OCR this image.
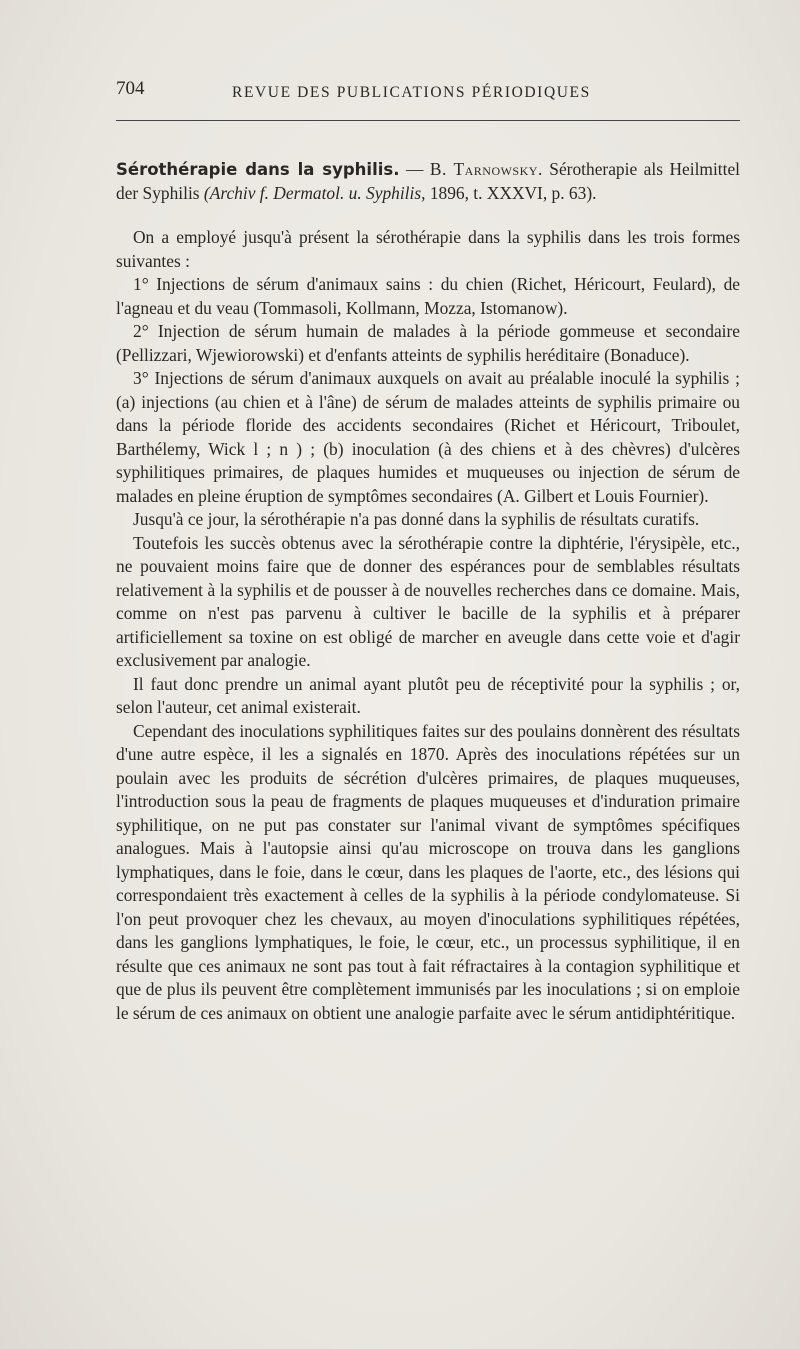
704	REVUE DES PUBLICATIONS PÉRIODIQUES

Sérothérapie dans la syphilis. — B. Tarnowsky. Sérotherapie als Heilmittel der Syphilis (Archiv f. Dermatol. u. Syphilis, 1896, t. XXXVI, p. 63).

On a employé jusqu'à présent la sérothérapie dans la syphilis dans les trois formes suivantes :

1° Injections de sérum d'animaux sains : du chien (Richet, Héricourt, Feulard), de l'agneau et du veau (Tommasoli, Kollmann, Mozza, Istomanow).

2° Injection de sérum humain de malades à la période gommeuse et secondaire (Pellizzari, Wjewiorowski) et d'enfants atteints de syphilis heréditaire (Bonaduce).

3° Injections de sérum d'animaux auxquels on avait au préalable inoculé la syphilis ; (a) injections (au chien et à l'âne) de sérum de malades atteints de syphilis primaire ou dans la période floride des accidents secondaires (Richet et Héricourt, Triboulet, Barthélemy, Wick l ; n ) ; (b) inoculation (à des chiens et à des chèvres) d'ulcères syphilitiques primaires, de plaques humides et muqueuses ou injection de sérum de malades en pleine éruption de symptômes secondaires (A. Gilbert et Louis Fournier).

Jusqu'à ce jour, la sérothérapie n'a pas donné dans la syphilis de résultats curatifs.

Toutefois les succès obtenus avec la sérothérapie contre la diphtérie, l'érysipèle, etc., ne pouvaient moins faire que de donner des espérances pour de semblables résultats relativement à la syphilis et de pousser à de nouvelles recherches dans ce domaine. Mais, comme on n'est pas parvenu à cultiver le bacille de la syphilis et à préparer artificiellement sa toxine on est obligé de marcher en aveugle dans cette voie et d'agir exclusivement par analogie.

Il faut donc prendre un animal ayant plutôt peu de réceptivité pour la syphilis ; or, selon l'auteur, cet animal existerait.

Cependant des inoculations syphilitiques faites sur des poulains donnèrent des résultats d'une autre espèce, il les a signalés en 1870. Après des inoculations répétées sur un poulain avec les produits de sécrétion d'ulcères primaires, de plaques muqueuses, l'introduction sous la peau de fragments de plaques muqueuses et d'induration primaire syphilitique, on ne put pas constater sur l'animal vivant de symptômes spécifiques analogues. Mais à l'autopsie ainsi qu'au microscope on trouva dans les ganglions lymphatiques, dans le foie, dans le cœur, dans les plaques de l'aorte, etc., des lésions qui correspondaient très exactement à celles de la syphilis à la période condylomateuse. Si l'on peut provoquer chez les chevaux, au moyen d'inoculations syphilitiques répétées, dans les ganglions lymphatiques, le foie, le cœur, etc., un processus syphilitique, il en résulte que ces animaux ne sont pas tout à fait réfractaires à la contagion syphilitique et que de plus ils peuvent être complètement immunisés par les inoculations ; si on emploie le sérum de ces animaux on obtient une analogie parfaite avec le sérum antidiphtéritique.
